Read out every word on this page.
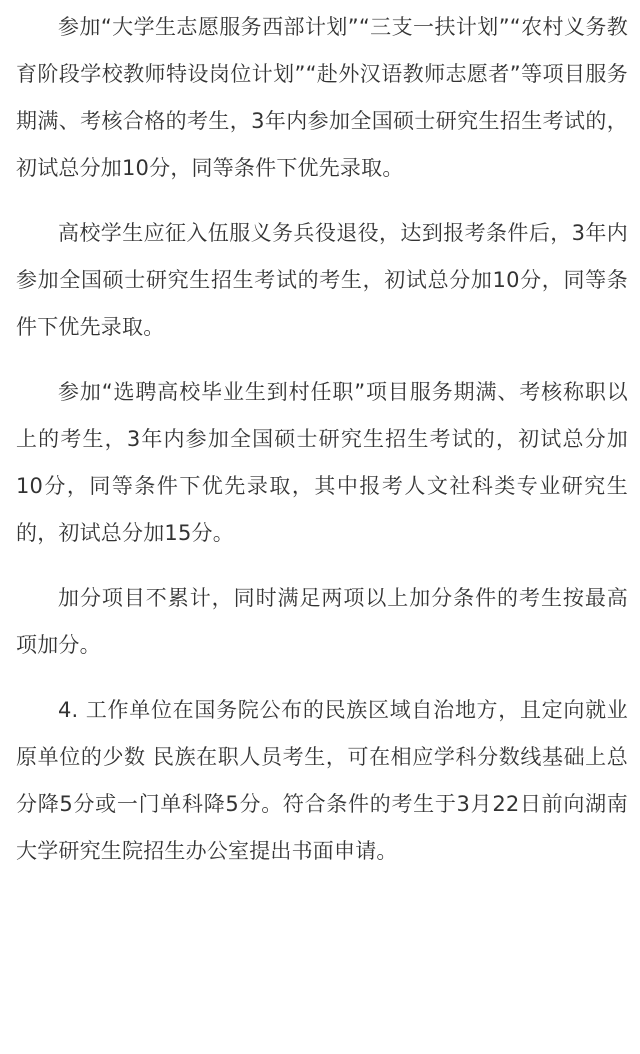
参加“大学生志愿服务西部计划”“三支一扶计划”“农村义务教育阶段学校教师特设岗位计划”“赴外汉语教师志愿者”等项目服务期满、考核合格的考生，3年内参加全国硕士研究生招生考试的，初试总分加10分，同等条件下优先录取。

高校学生应征入伍服义务兵役退役，达到报考条件后，3年内参加全国硕士研究生招生考试的考生，初试总分加10分，同等条件下优先录取。

参加“选聘高校毕业生到村任职”项目服务期满、考核称职以上的考生，3年内参加全国硕士研究生招生考试的，初试总分加10分，同等条件下优先录取，其中报考人文社科类专业研究生的，初试总分加15分。

加分项目不累计，同时满足两项以上加分条件的考生按最高项加分。

4. 工作单位在国务院公布的民族区域自治地方，且定向就业原单位的少数 民族在职人员考生，可在相应学科分数线基础上总分降5分或一门单科降5分。符合条件的考生于3月22日前向湖南大学研究生院招生办公室提出书面申请。
